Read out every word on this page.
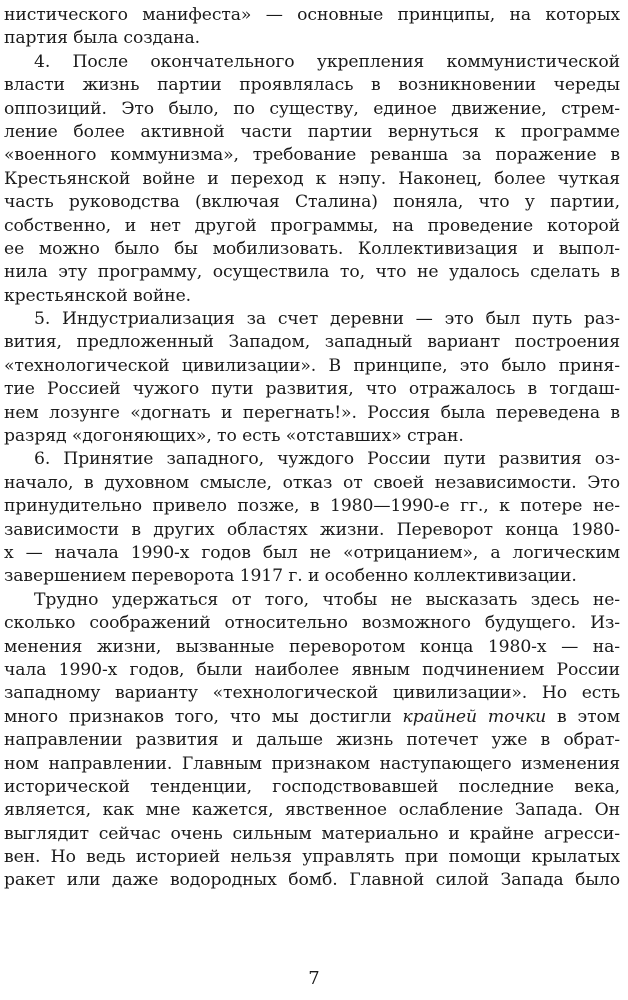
нистического манифеста» — основные принципы, на которых
партия была создана.
4. После окончательного укрепления коммунистической
власти жизнь партии проявлялась в возникновении череды
оппозиций. Это было, по существу, единое движение, стрем-
ление более активной части партии вернуться к программе
«военного коммунизма», требование реванша за поражение в
Крестьянской войне и переход к нэпу. Наконец, более чуткая
часть руководства (включая Сталина) поняла, что у партии,
собственно, и нет другой программы, на проведение которой
ее можно было бы мобилизовать. Коллективизация и выпол-
нила эту программу, осуществила то, что не удалось сделать в
крестьянской войне.
5. Индустриализация за счет деревни — это был путь раз-
вития, предложенный Западом, западный вариант построения
«технологической цивилизации». В принципе, это было приня-
тие Россией чужого пути развития, что отражалось в тогдаш-
нем лозунге «догнать и перегнать!». Россия была переведена в
разряд «догоняющих», то есть «отставших» стран.
6. Принятие западного, чуждого России пути развития оз-
начало, в духовном смысле, отказ от своей независимости. Это
принудительно привело позже, в 1980—1990-е гг., к потере не-
зависимости в других областях жизни. Переворот конца 1980-
х — начала 1990-х годов был не «отрицанием», а логическим
завершением переворота 1917 г. и особенно коллективизации.
Трудно удержаться от того, чтобы не высказать здесь не-
сколько соображений относительно возможного будущего. Из-
менения жизни, вызванные переворотом конца 1980-х — на-
чала 1990-х годов, были наиболее явным подчинением России
западному варианту «технологической цивилизации». Но есть
много признаков того, что мы достигли крайней точки в этом
направлении развития и дальше жизнь потечет уже в обрат-
ном направлении. Главным признаком наступающего изменения
исторической тенденции, господствовавшей последние века,
является, как мне кажется, явственное ослабление Запада. Он
выглядит сейчас очень сильным материально и крайне агресси-
вен. Но ведь историей нельзя управлять при помощи крылатых
ракет или даже водородных бомб. Главной силой Запада было
7
